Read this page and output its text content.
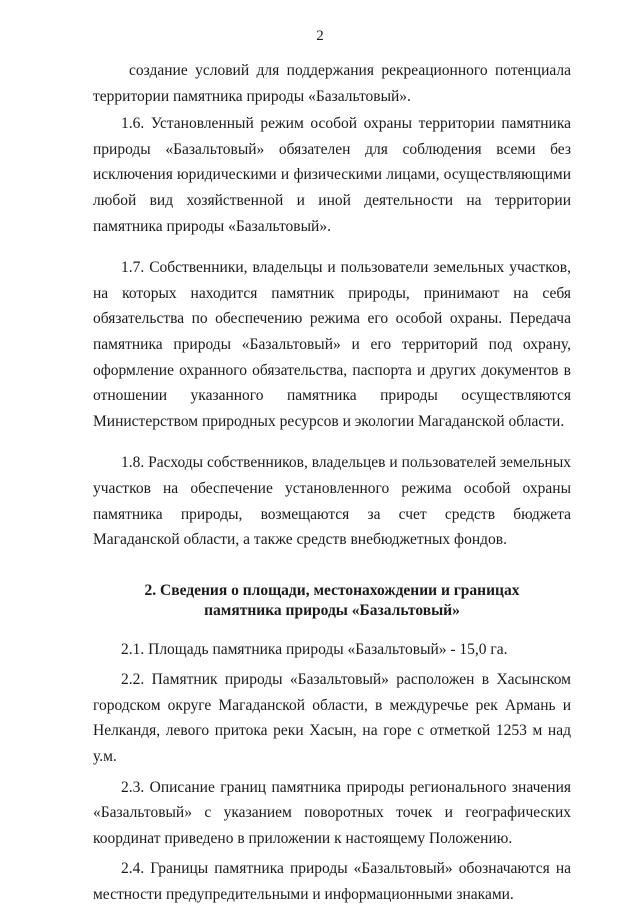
2

создание условий для поддержания рекреационного потенциала территории памятника природы «Базальтовый».

1.6. Установленный режим особой охраны территории памятника природы «Базальтовый» обязателен для соблюдения всеми без исключения юридическими и физическими лицами, осуществляющими любой вид хозяйственной и иной деятельности на территории памятника природы «Базальтовый».

1.7. Собственники, владельцы и пользователи земельных участков, на которых находится памятник природы, принимают на себя обязательства по обеспечению режима его особой охраны. Передача памятника природы «Базальтовый» и его территорий под охрану, оформление охранного обязательства, паспорта и других документов в отношении указанного памятника природы осуществляются Министерством природных ресурсов и экологии Магаданской области.

1.8. Расходы собственников, владельцев и пользователей земельных участков на обеспечение установленного режима особой охраны памятника природы, возмещаются за счет средств бюджета Магаданской области, а также средств внебюджетных фондов.

2. Сведения о площади, местонахождении и границах
памятника природы «Базальтовый»

2.1. Площадь памятника природы «Базальтовый» - 15,0 га.

2.2. Памятник природы «Базальтовый» расположен в Хасынском городском округе Магаданской области, в междуречье рек Армань и Нелкандя, левого притока реки Хасын, на горе с отметкой 1253 м над у.м.

2.3. Описание границ памятника природы регионального значения «Базальтовый» с указанием поворотных точек и географических координат приведено в приложении к настоящему Положению.

2.4. Границы памятника природы «Базальтовый» обозначаются на местности предупредительными и информационными знаками.
